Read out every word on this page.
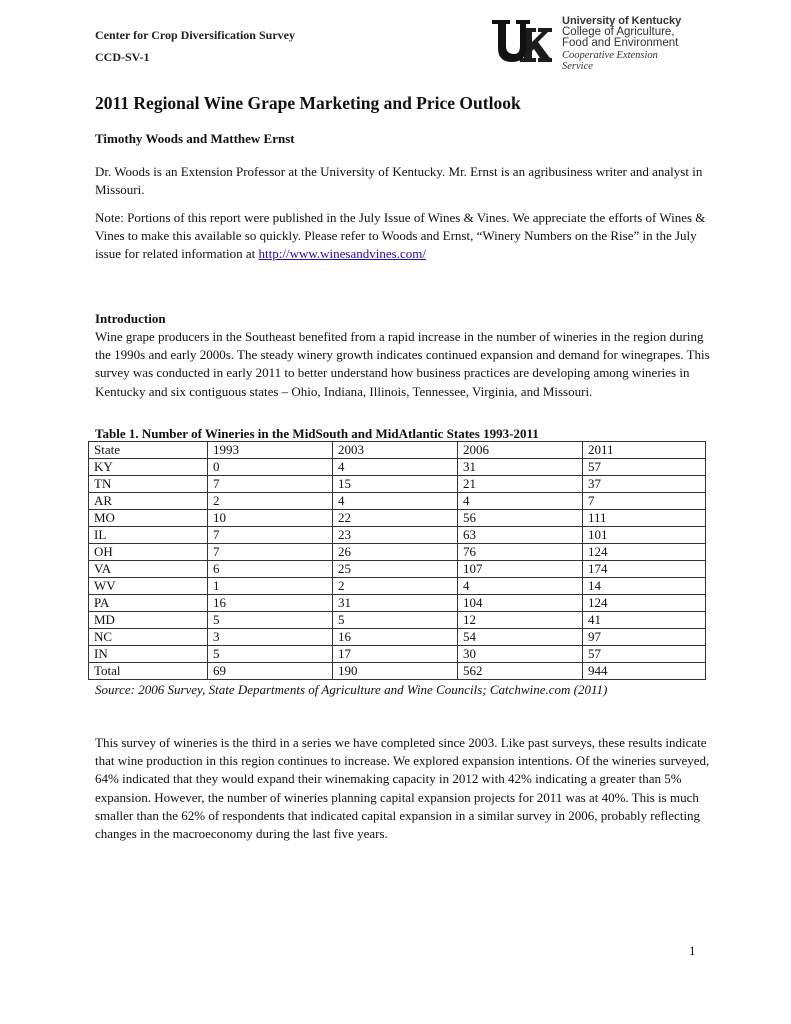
Center for Crop Diversification Survey
CCD-SV-1
University of Kentucky
College of Agriculture,
Food and Environment
Cooperative Extension Service
2011 Regional Wine Grape Marketing and Price Outlook
Timothy Woods and Matthew Ernst
Dr. Woods is an Extension Professor at the University of Kentucky. Mr. Ernst is an agribusiness writer and analyst in Missouri.
Note: Portions of this report were published in the July Issue of Wines & Vines. We appreciate the efforts of Wines & Vines to make this available so quickly. Please refer to Woods and Ernst, “Winery Numbers on the Rise” in the July issue for related information at http://www.winesandvines.com/
Introduction
Wine grape producers in the Southeast benefited from a rapid increase in the number of wineries in the region during the 1990s and early 2000s. The steady winery growth indicates continued expansion and demand for winegrapes. This survey was conducted in early 2011 to better understand how business practices are developing among wineries in Kentucky and six contiguous states – Ohio, Indiana, Illinois, Tennessee, Virginia, and Missouri.
Table 1. Number of Wineries in the MidSouth and MidAtlantic States 1993-2011
State	1993	2003	2006	2011
KY	0	4	31	57
TN	7	15	21	37
AR	2	4	4	7
MO	10	22	56	111
IL	7	23	63	101
OH	7	26	76	124
VA	6	25	107	174
WV	1	2	4	14
PA	16	31	104	124
MD	5	5	12	41
NC	3	16	54	97
IN	5	17	30	57
Total	69	190	562	944
Source: 2006 Survey, State Departments of Agriculture and Wine Councils; Catchwine.com (2011)
This survey of wineries is the third in a series we have completed since 2003. Like past surveys, these results indicate that wine production in this region continues to increase. We explored expansion intentions. Of the wineries surveyed, 64% indicated that they would expand their winemaking capacity in 2012 with 42% indicating a greater than 5% expansion. However, the number of wineries planning capital expansion projects for 2011 was at 40%. This is much smaller than the 62% of respondents that indicated capital expansion in a similar survey in 2006, probably reflecting changes in the macroeconomy during the last five years.
1
